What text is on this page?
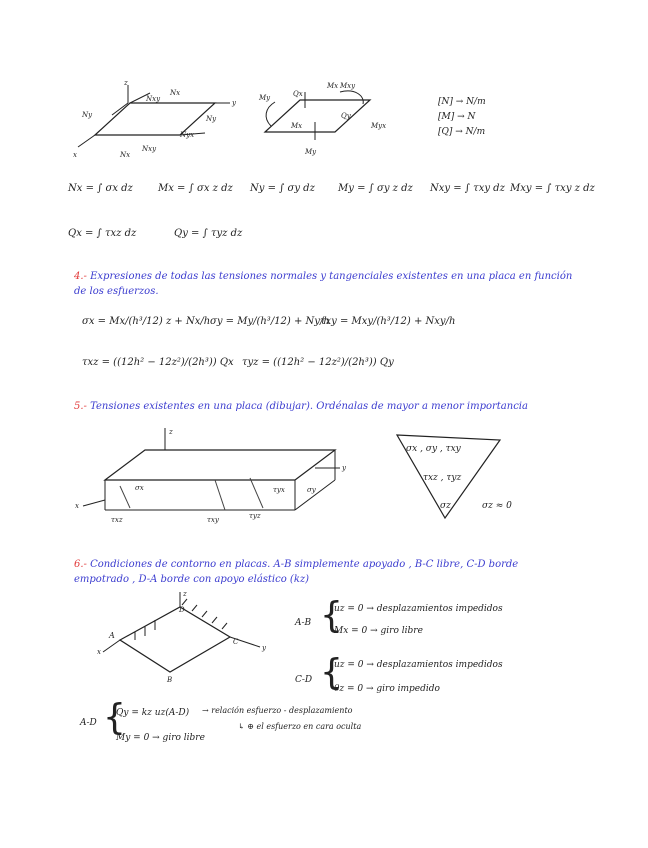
z
y
x
Nx
Nxy
Ny	Ny
Nyx
Nx
Nxy
Mxy
Mx
Qx
My
Qy
Myx
Mx
My
[N] → N/m
[M] → N
[Q] → N/m
Nx = ∫ σx dz	Mx = ∫ σx z dz Ny = ∫ σy dz My = ∫ σy z dz Nxy = ∫ τxy dz Mxy = ∫ τxy z dz
Qx = ∫ τxz dz	Qy = ∫ τyz dz
4.- Expresiones de todas las tensiones normales y tangenciales existentes en una placa en función
de los esfuerzos.
σx = Mx/(h³/12) z + Nx/h σy = My/(h³/12) + Ny/h
τxy = Mxy/(h³/12) + Nxy/h
τxz = ((12h² − 12z²)/(2h³)) Qx τyz = ((12h² − 12z²)/(2h³)) Qy
5.- Tensiones existentes en una placa (dibujar). Ordénalas de mayor a menor importancia
z
y
x
σx
τxz	τxy	τyz
σy
τyx
σx , σy , τxy
τxz , τyz
σz	σz ≈ 0
6.- Condiciones de contorno en placas. A-B simplemente apoyado , B-C libre, C-D borde
empotrado , D-A borde con apoyo elástico (kz)
z
D
A
B
C
y
x
A-B {
uz = 0 → desplazamientos impedidos
Mx = 0 → giro libre
C-D {
uz = 0 → desplazamientos impedidos
θz = 0 → giro impedido
A-D {
Qy = kz uz(A-D) → relación esfuerzo - desplazamiento
↳ ⊕ el esfuerzo en cara oculta
My = 0 → giro libre
